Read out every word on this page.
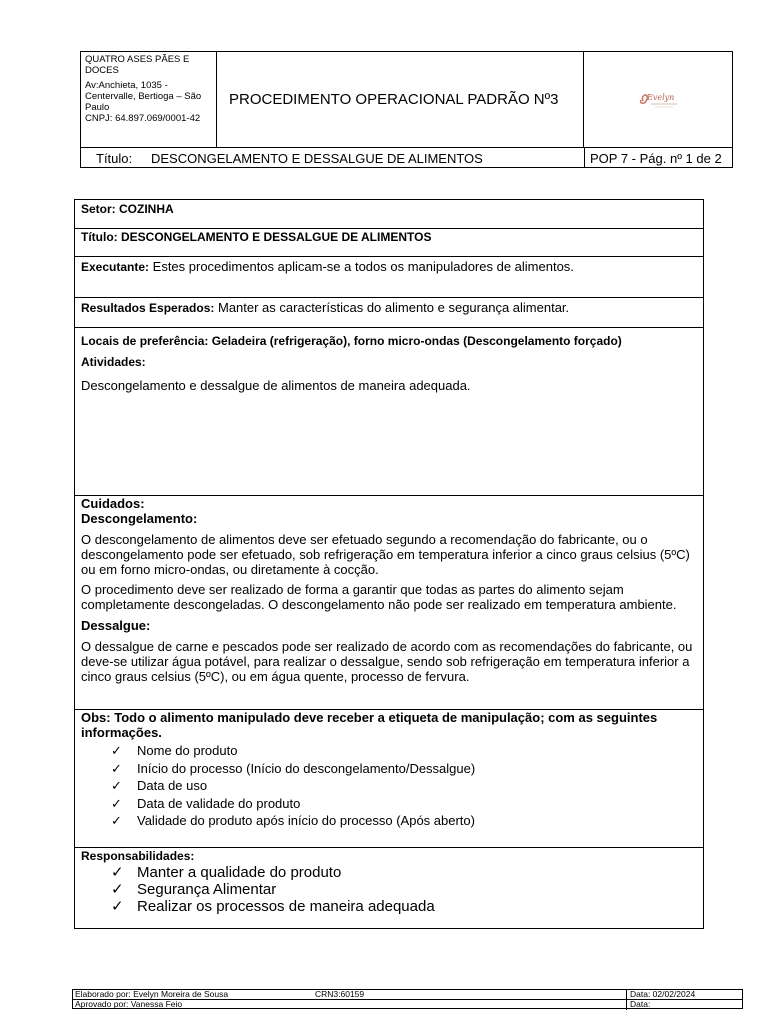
QUATRO ASES PÃES E DOCES
Av:Anchieta, 1035 - Centervalle, Bertioga – São Paulo
CNPJ: 64.897.069/0001-42
PROCEDIMENTO OPERACIONAL PADRÃO Nº3	Evelyn
Título: DESCONGELAMENTO E DESSALGUE DE ALIMENTOS	POP 7 - Pág. nº 1 de 2
Setor: COZINHA
Título: DESCONGELAMENTO E DESSALGUE DE ALIMENTOS
Executante: Estes procedimentos aplicam-se a todos os manipuladores de alimentos.
Resultados Esperados: Manter as características do alimento e segurança alimentar.

Locais de preferência: Geladeira (refrigeração), forno micro-ondas (Descongelamento forçado)

Atividades:

Descongelamento e dessalgue de alimentos de maneira adequada.

Cuidados:

Descongelamento:

O descongelamento de alimentos deve ser efetuado segundo a recomendação do fabricante, ou o descongelamento pode ser efetuado, sob refrigeração em temperatura inferior a cinco graus celsius (5ºC) ou em forno micro-ondas, ou diretamente à cocção.

O procedimento deve ser realizado de forma a garantir que todas as partes do alimento sejam completamente descongeladas. O descongelamento não pode ser realizado em temperatura ambiente.

Dessalgue:

O dessalgue de carne e pescados pode ser realizado de acordo com as recomendações do fabricante, ou deve-se utilizar água potável, para realizar o dessalgue, sendo sob refrigeração em temperatura inferior a cinco graus celsius (5ºC), ou em água quente, processo de fervura.

Obs: Todo o alimento manipulado deve receber a etiqueta de manipulação; com as seguintes informações.

✓ Nome do produto
✓ Início do processo (Início do descongelamento/Dessalgue)
✓ Data de uso
✓ Data de validade do produto
✓ Validade do produto após início do processo (Após aberto)

Responsabilidades:

✓ Manter a qualidade do produto
✓ Segurança Alimentar
✓ Realizar os processos de maneira adequada
Elaborado por: Evelyn Moreira de Sousa	CRN3:60159	Data: 02/02/2024
Aprovado por: Vanessa Feio	Data:
